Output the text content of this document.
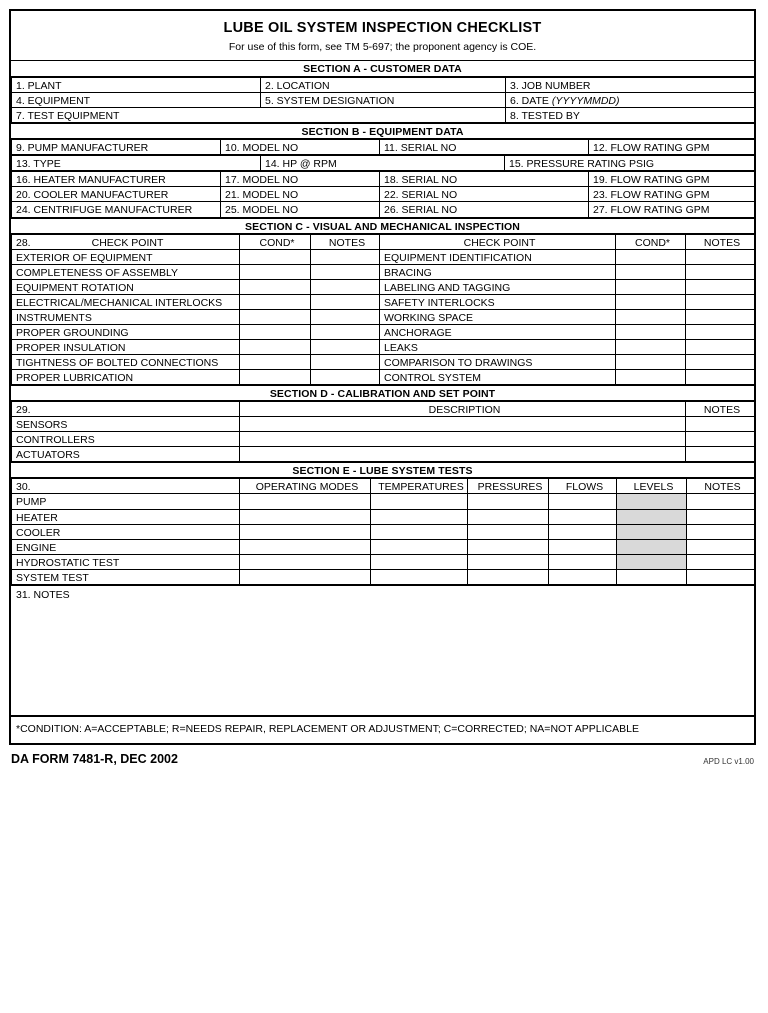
LUBE OIL SYSTEM INSPECTION CHECKLIST
For use of this form, see TM 5-697; the proponent agency is COE.
SECTION A - CUSTOMER DATA
1. PLANT	2. LOCATION	3. JOB NUMBER
4. EQUIPMENT	5. SYSTEM DESIGNATION	6. DATE (YYYYMMDD)
7. TEST EQUIPMENT		8. TESTED BY
SECTION B - EQUIPMENT DATA
9. PUMP MANUFACTURER	10. MODEL NO	11. SERIAL NO	12. FLOW RATING GPM
13. TYPE	14. HP @ RPM	15. PRESSURE RATING PSIG
16. HEATER MANUFACTURER	17. MODEL NO	18. SERIAL NO	19. FLOW RATING GPM
20. COOLER MANUFACTURER	21. MODEL NO	22. SERIAL NO	23. FLOW RATING GPM
24. CENTRIFUGE MANUFACTURER	25. MODEL NO	26. SERIAL NO	27. FLOW RATING GPM
SECTION C - VISUAL AND MECHANICAL INSPECTION
28. CHECK POINT	COND*	NOTES	CHECK POINT	COND*	NOTES
EXTERIOR OF EQUIPMENT			EQUIPMENT IDENTIFICATION		
COMPLETENESS OF ASSEMBLY			BRACING		
EQUIPMENT ROTATION			LABELING AND TAGGING		
ELECTRICAL/MECHANICAL INTERLOCKS			SAFETY INTERLOCKS		
INSTRUMENTS			WORKING SPACE		
PROPER GROUNDING			ANCHORAGE		
PROPER INSULATION			LEAKS		
TIGHTNESS OF BOLTED CONNECTIONS			COMPARISON TO DRAWINGS		
PROPER LUBRICATION			CONTROL SYSTEM		
SECTION D - CALIBRATION AND SET POINT
29.	DESCRIPTION	NOTES
SENSORS		
CONTROLLERS		
ACTUATORS		
SECTION E - LUBE SYSTEM TESTS
30.	OPERATING MODES	TEMPERATURES	PRESSURES	FLOWS	LEVELS	NOTES
PUMP						
HEATER						
COOLER						
ENGINE						
HYDROSTATIC TEST						
SYSTEM TEST						
31. NOTES
*CONDITION: A=ACCEPTABLE; R=NEEDS REPAIR, REPLACEMENT OR ADJUSTMENT; C=CORRECTED; NA=NOT APPLICABLE
DA FORM 7481-R, DEC 2002	APD LC v1.00
